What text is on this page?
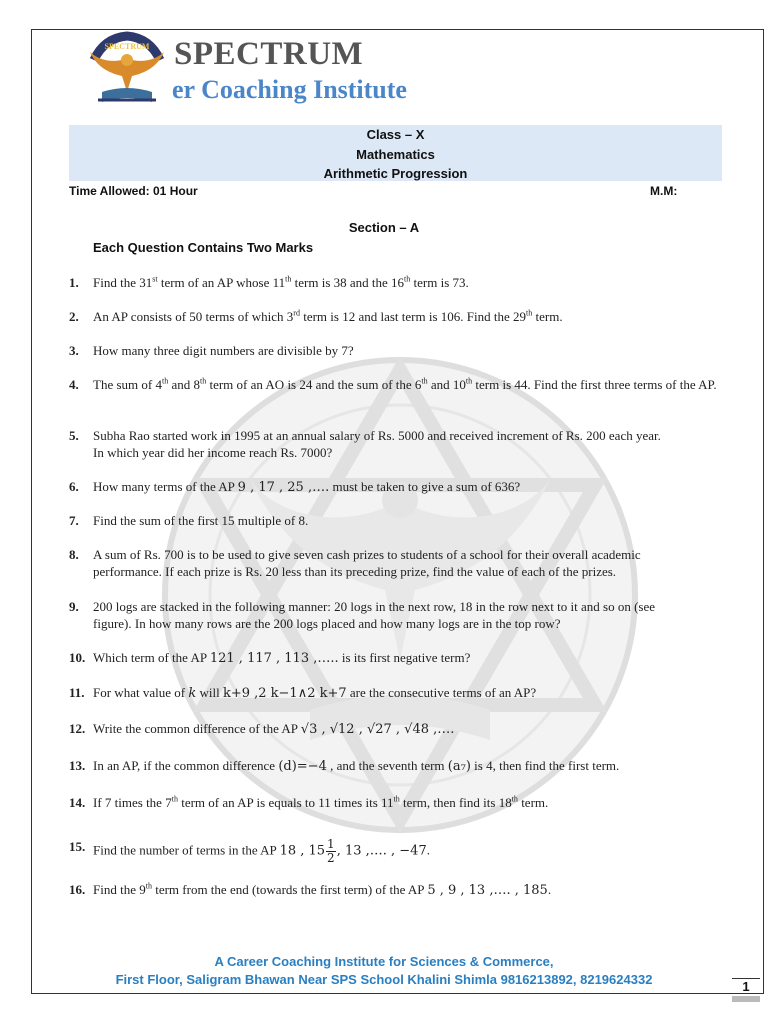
SPECTRUM SPECTRUM
er Coaching Institute
Class – X
Mathematics
Arithmetic Progression
Time Allowed: 01 Hour	M.M:
Section – A
Each Question Contains Two Marks
1.	Find the 31st term of an AP whose 11th term is 38 and the 16th term is 73.
2.	An AP consists of 50 terms of which 3rd term is 12 and last term is 106. Find the 29th term.
3.	How many three digit numbers are divisible by 7?
4.	The sum of 4th and 8th term of an AO is 24 and the sum of the 6th and 10th term is 44. Find the first three terms of the AP.
5.	Subha Rao started work in 1995 at an annual salary of Rs. 5000 and received increment of Rs. 200 each year.
In which year did her income reach Rs. 7000?
6.	How many terms of the AP 9 , 17 , 25 ,…. must be taken to give a sum of 636?
7.	Find the sum of the first 15 multiple of 8.
8.	A sum of Rs. 700 is to be used to give seven cash prizes to students of a school for their overall academic
performance. If each prize is Rs. 20 less than its preceding prize, find the value of each of the prizes.
9.	200 logs are stacked in the following manner: 20 logs in the next row, 18 in the row next to it and so on (see
figure). In how many rows are the 200 logs placed and how many logs are in the top row?
10. Which term of the AP 121 , 117 , 113 ,….. is its first negative term?
11. For what value of k will k+9 ,2 k−1∧2 k+7 are the consecutive terms of an AP?
12. Write the common difference of the AP √3 , √12 , √27 , √48 ,….
13. In an AP, if the common difference (d)=−4 , and the seventh term (a₇) is 4, then find the first term.
14. If 7 times the 7th term of an AP is equals to 11 times its 11th term, then find its 18th term.
15. Find the number of terms in the AP 18 , $15 \frac{1}{2}$ , 13 ,…. , −47.
16. Find the 9th term from the end (towards the first term) of the AP 5 , 9 , 13 ,…. , 185.
A Career Coaching Institute for Sciences & Commerce,
First Floor, Saligram Bhawan Near SPS School Khalini Shimla 9816213892, 8219624332	1
